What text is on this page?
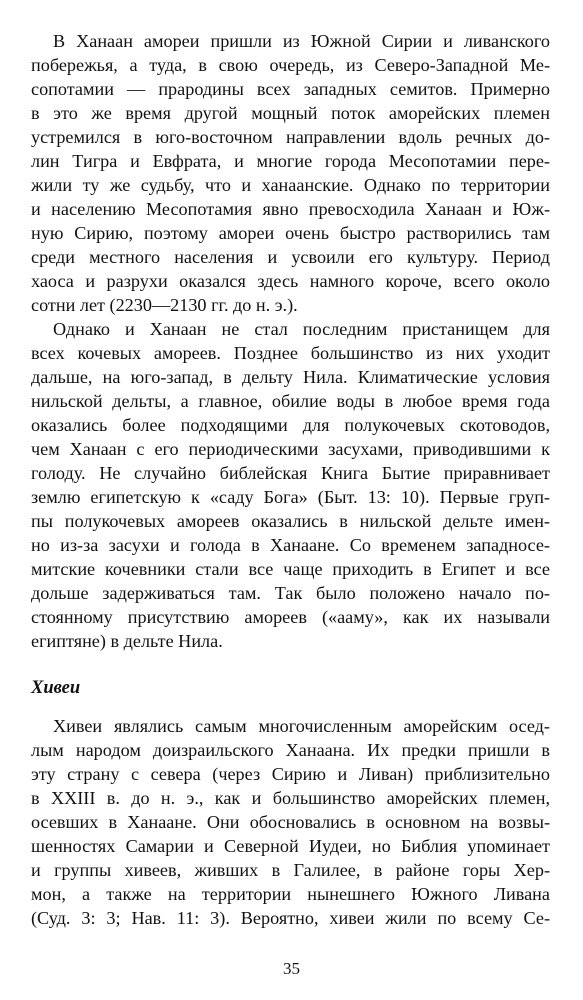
В Ханаан амореи пришли из Южной Сирии и ливанского
побережья, а туда, в свою очередь, из Северо-Западной Ме-
сопотамии — прародины всех западных семитов. Примерно
в это же время другой мощный поток аморейских племен
устремился в юго-восточном направлении вдоль речных до-
лин Тигра и Евфрата, и многие города Месопотамии пере-
жили ту же судьбу, что и ханаанские. Однако по территории
и населению Месопотамия явно превосходила Ханаан и Юж-
ную Сирию, поэтому амореи очень быстро растворились там
среди местного населения и усвоили его культуру. Период
хаоса и разрухи оказался здесь намного короче, всего около
сотни лет (2230—2130 гг. до н. э.).
Однако и Ханаан не стал последним пристанищем для
всех кочевых амореев. Позднее большинство из них уходит
дальше, на юго-запад, в дельту Нила. Климатические условия
нильской дельты, а главное, обилие воды в любое время года
оказались более подходящими для полукочевых скотоводов,
чем Ханаан с его периодическими засухами, приводившими к
голоду. Не случайно библейская Книга Бытие приравнивает
землю египетскую к «саду Бога» (Быт. 13: 10). Первые груп-
пы полукочевых амореев оказались в нильской дельте имен-
но из-за засухи и голода в Ханаане. Со временем западносе-
митские кочевники стали все чаще приходить в Египет и все
дольше задерживаться там. Так было положено начало по-
стоянному присутствию амореев («ааму», как их называли
египтяне) в дельте Нила.
Хивеи
Хивеи являлись самым многочисленным аморейским осед-
лым народом доизраильского Ханаана. Их предки пришли в
эту страну с севера (через Сирию и Ливан) приблизительно
в XXIII в. до н. э., как и большинство аморейских племен,
осевших в Ханаане. Они обосновались в основном на возвы-
шенностях Самарии и Северной Иудеи, но Библия упоминает
и группы хивеев, живших в Галилее, в районе горы Хер-
мон, а также на территории нынешнего Южного Ливана
(Суд. 3: 3; Нав. 11: 3). Вероятно, хивеи жили по всему Се-
35
